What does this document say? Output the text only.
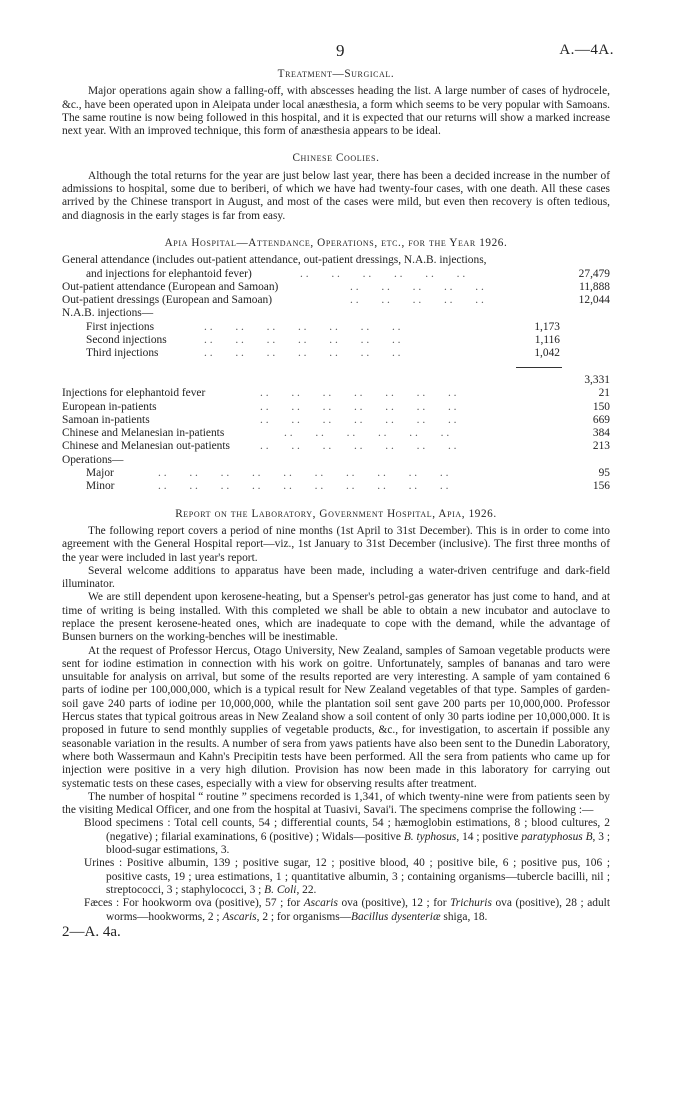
9	A.—4A.
Treatment—Surgical.

Major operations again show a falling-off, with abscesses heading the list. A large number of cases of hydrocele, &c., have been operated upon in Aleipata under local anæsthesia, a form which seems to be very popular with Samoans. The same routine is now being followed in this hospital, and it is expected that our returns will show a marked increase next year. With an improved technique, this form of anæsthesia appears to be ideal.

Chinese Coolies.

Although the total returns for the year are just below last year, there has been a decided increase in the number of admissions to hospital, some due to beriberi, of which we have had twenty-four cases, with one death. All these cases arrived by the Chinese transport in August, and most of the cases were mild, but even then recovery is often tedious, and diagnosis in the early stages is far from easy.

Apia Hospital—Attendance, Operations, etc., for the Year 1926.
General attendance (includes out-patient attendance, out-patient dressings, N.A.B. injections,
and injections for elephantoid fever)	. .        . .        . .        . .        . .        . .	27,479
Out-patient attendance (European and Samoan)	. .        . .        . .        . .        . .	11,888
Out-patient dressings (European and Samoan)	. .        . .        . .        . .        . .	12,044
N.A.B. injections—
First injections	. .        . .        . .        . .        . .        . .        . .	1,173
Second injections	. .        . .        . .        . .        . .        . .        . .	1,116
Third injections	. .        . .        . .        . .        . .        . .        . .	1,042
3,331
Injections for elephantoid fever	. .        . .        . .        . .        . .        . .        . .	21
European in-patients	. .        . .        . .        . .        . .        . .        . .	150
Samoan in-patients	. .        . .        . .        . .        . .        . .        . .	669
Chinese and Melanesian in-patients	. .        . .        . .        . .        . .        . .	384
Chinese and Melanesian out-patients	. .        . .        . .        . .        . .        . .        . .	213
Operations—
Major	. .        . .        . .        . .        . .        . .        . .        . .        . .        . .	95
Minor	. .        . .        . .        . .        . .        . .        . .        . .        . .        . .	156
Report on the Laboratory, Government Hospital, Apia, 1926.

The following report covers a period of nine months (1st April to 31st December). This is in order to come into agreement with the General Hospital report—viz., 1st January to 31st December (inclusive). The first three months of the year were included in last year's report.

Several welcome additions to apparatus have been made, including a water-driven centrifuge and dark-field illuminator.

We are still dependent upon kerosene-heating, but a Spenser's petrol-gas generator has just come to hand, and at time of writing is being installed. With this completed we shall be able to obtain a new incubator and autoclave to replace the present kerosene-heated ones, which are inadequate to cope with the demand, while the advantage of Bunsen burners on the working-benches will be inestimable.

At the request of Professor Hercus, Otago University, New Zealand, samples of Samoan vegetable products were sent for iodine estimation in connection with his work on goitre. Unfortunately, samples of bananas and taro were unsuitable for analysis on arrival, but some of the results reported are very interesting. A sample of yam contained 6 parts of iodine per 100,000,000, which is a typical result for New Zealand vegetables of that type. Samples of garden-soil gave 240 parts of iodine per 10,000,000, while the plantation soil sent gave 200 parts per 10,000,000. Professor Hercus states that typical goitrous areas in New Zealand show a soil content of only 30 parts iodine per 10,000,000. It is proposed in future to send monthly supplies of vegetable products, &c., for investigation, to ascertain if possible any seasonable variation in the results. A number of sera from yaws patients have also been sent to the Dunedin Laboratory, where both Wassermaun and Kahn's Precipitin tests have been performed. All the sera from patients who came up for injection were positive in a very high dilution. Provision has now been made in this laboratory for carrying out systematic tests on these cases, especially with a view for observing results after treatment.

The number of hospital “ routine ” specimens recorded is 1,341, of which twenty-nine were from patients seen by the visiting Medical Officer, and one from the hospital at Tuasivi, Savai'i. The specimens comprise the following :—

Blood specimens : Total cell counts, 54 ; differential counts, 54 ; hæmoglobin estimations, 8 ; blood cultures, 2 (negative) ; filarial examinations, 6 (positive) ; Widals—positive B. typhosus, 14 ; positive paratyphosus B, 3 ; blood-sugar estimations, 3.
Urines : Positive albumin, 139 ; positive sugar, 12 ; positive blood, 40 ; positive bile, 6 ; positive pus, 106 ; positive casts, 19 ; urea estimations, 1 ; quantitative albumin, 3 ; containing organisms—tubercle bacilli, nil ; streptococci, 3 ; staphylococci, 3 ; B. Coli, 22.
Fæces : For hookworm ova (positive), 57 ; for Ascaris ova (positive), 12 ; for Trichuris ova (positive), 28 ; adult worms—hookworms, 2 ; Ascaris, 2 ; for organisms—Bacillus dysenteriæ shiga, 18.
2—A. 4a.
